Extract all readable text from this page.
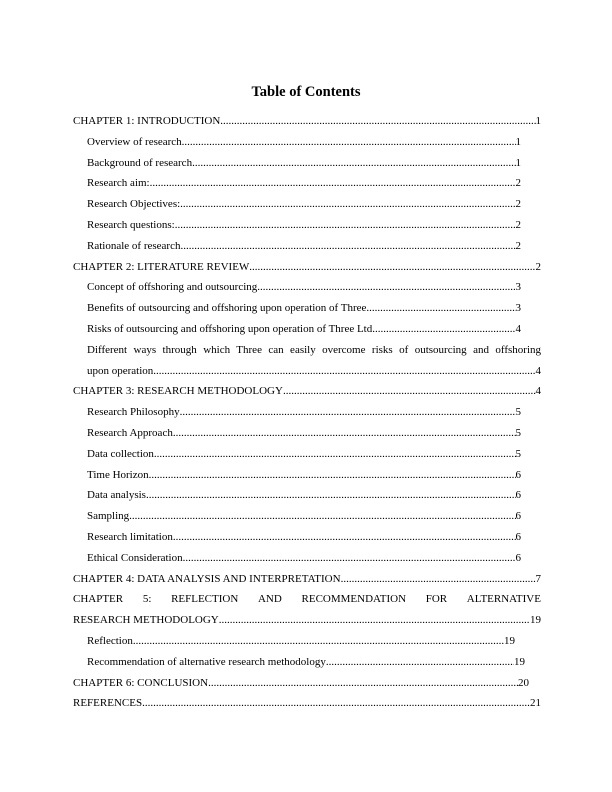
Table of Contents
CHAPTER 1: INTRODUCTION .....	1
Overview of research .....	1
Background of research .....	1
Research aim: .....	2
Research Objectives: .....	2
Research questions: .....	2
Rationale of research .....	2
CHAPTER 2: LITERATURE REVIEW .....	2
Concept of offshoring and outsourcing .....	3
Benefits of outsourcing and offshoring upon operation of Three .....	3
Risks of outsourcing and offshoring upon operation of Three Ltd .....	4
Different ways through which Three can easily overcome risks of outsourcing and offshoring
upon operation .....	4
CHAPTER 3: RESEARCH METHODOLOGY .....	4
Research Philosophy .....	5
Research Approach .....	5
Data collection .....	5
Time Horizon .....	6
Data analysis .....	6
Sampling .....	6
Research limitation .....	6
Ethical Consideration .....	6
CHAPTER 4: DATA ANALYSIS AND INTERPRETATION .....	7
CHAPTER 5: REFLECTION AND RECOMMENDATION FOR ALTERNATIVE
RESEARCH METHODOLOGY .....	19
Reflection .....	19
Recommendation of alternative research methodology .....	19
CHAPTER 6: CONCLUSION .....	20
REFERENCES .....	21
